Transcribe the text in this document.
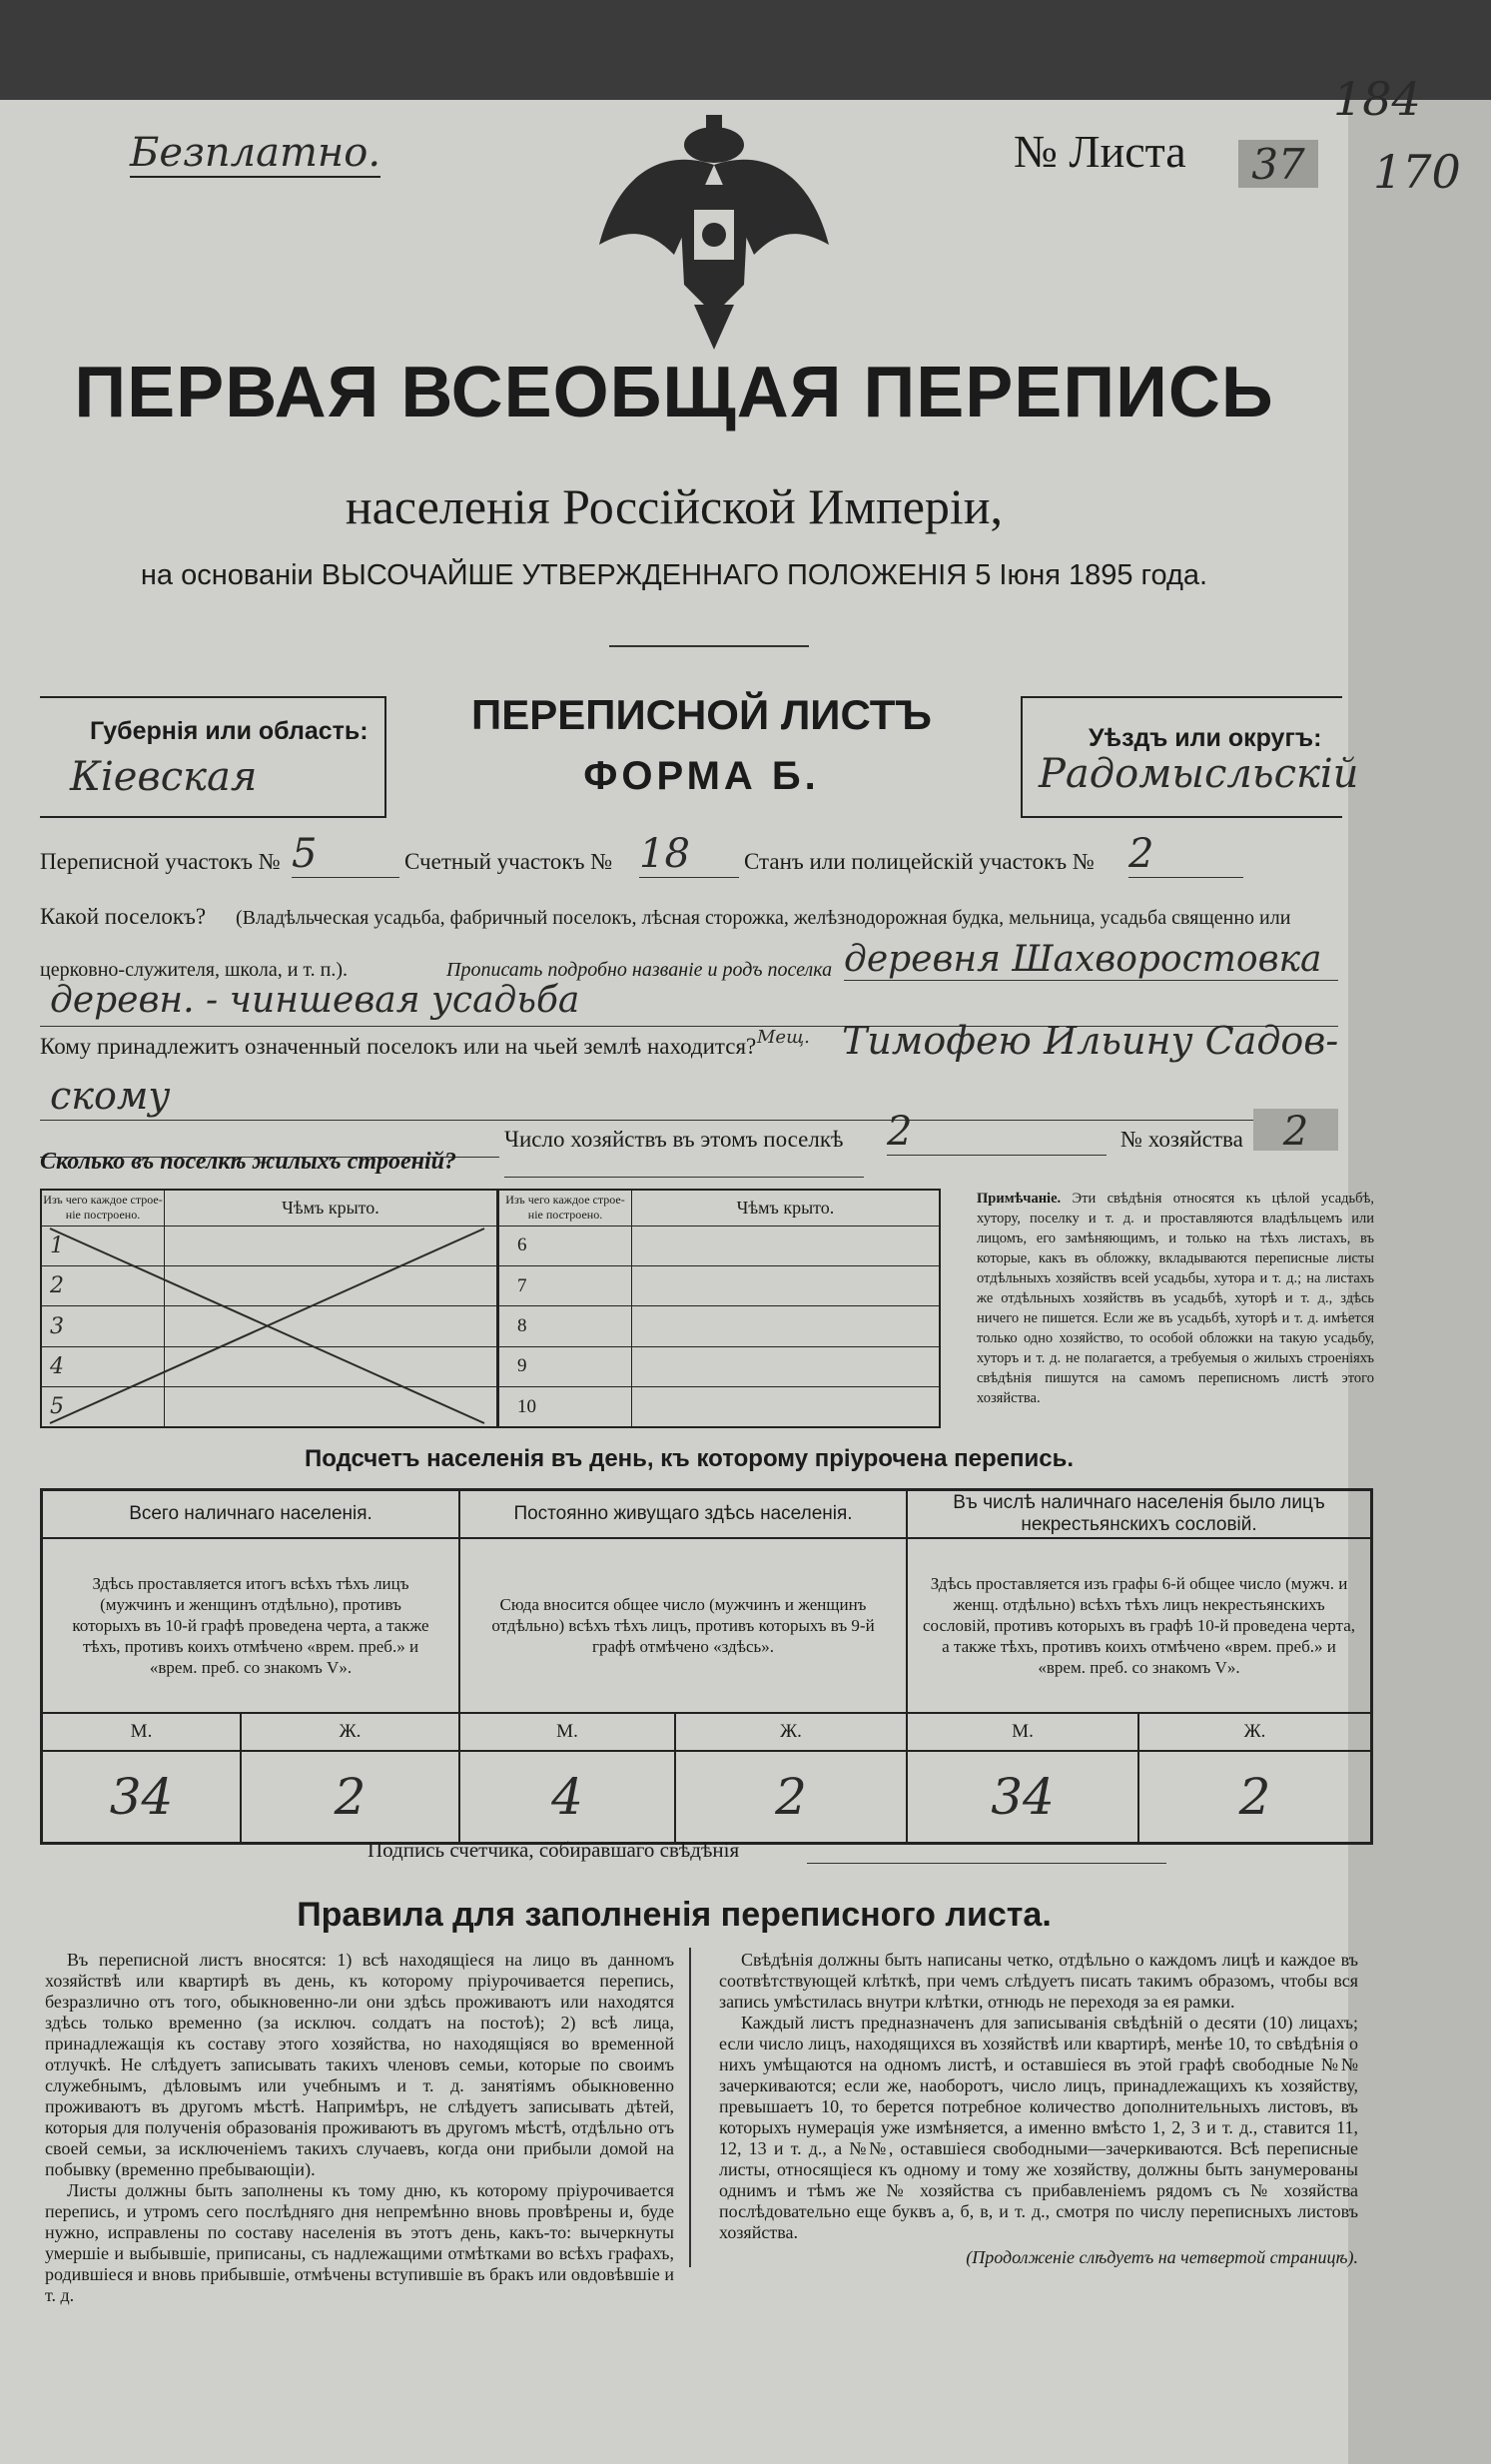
Безплатно.	№ Листа	37
184
170
ПЕРВАЯ ВСЕОБЩАЯ ПЕРЕПИСЬ
населенія Россійской Имперіи,
на основаніи ВЫСОЧАЙШЕ УТВЕРЖДЕННАГО ПОЛОЖЕНІЯ 5 Іюня 1895 года.
Губернія или область:
Кіевская
ПЕРЕПИСНОЙ ЛИСТЪ
ФОРМА Б.
Уѣздъ или округъ:
Радомысльскій
Переписной участокъ № 5	Счетный участокъ № 18	Станъ или полицейскій участокъ № 2
Какой поселокъ? (Владѣльческая усадьба, фабричный поселокъ, лѣсная сторожка, желѣзнодорожная будка, мельница, усадьба священно или
церковно-служителя, школа, и т. п.).	Прописать подробно названіе и родъ поселка деревня Шахворостовка
деревн. - чиншевая усадьба
Кому принадлежитъ означенный поселокъ или на чьей землѣ находится? Мещ. Тимофею Ильину Садов-
скому
Число хозяйствъ въ этомъ поселкѣ 2	№ хозяйства 2
Сколько въ поселкѣ жилыхъ строеній?
Изъ чего каждое строе- ніе построено.	Чѣмъ крыто.	Изъ чего каждое строе- ніе построено.	Чѣмъ крыто.
1		6	
2		7	
3		8	
4		9	
5		10	
Примѣчаніе. Эти свѣдѣнія относятся къ цѣлой усадьбѣ, хутору, поселку и т. д. и проставляются владѣльцемъ или лицомъ, его замѣняющимъ, и только на тѣхъ листахъ, въ которые, какъ въ обложку, вкладываются переписные листы отдѣльныхъ хозяйствъ всей усадьбы, хутора и т. д.; на листахъ же отдѣльныхъ хозяйствъ въ усадьбѣ, хуторѣ и т. д., здѣсь ничего не пишется. Если же въ усадьбѣ, хуторѣ и т. д. имѣется только одно хозяйство, то особой обложки на такую усадьбу, хуторъ и т. д. не полагается, а требуемыя о жилыхъ строеніяхъ свѣдѣнія пишутся на самомъ переписномъ листѣ этого хозяйства.
Подсчетъ населенія въ день, къ которому пріурочена перепись.
Всего наличнаго населенія.		Постоянно живущаго здѣсь населенія.		Въ числѣ наличнаго населенія было лицъ некрестьянскихъ сословій.	
Здѣсь проставляется итогъ всѣхъ тѣхъ лицъ (мужчинъ и женщинъ отдѣльно), противъ которыхъ въ 10-й графѣ проведена черта, а также тѣхъ, противъ коихъ отмѣчено «врем. преб.» и «врем. преб. со знакомъ V».		Сюда вносится общее число (мужчинъ и женщинъ отдѣльно) всѣхъ тѣхъ лицъ, противъ которыхъ въ 9-й графѣ отмѣчено «здѣсь».		Здѣсь проставляется изъ графы 6-й общее число (мужч. и женщ. отдѣльно) всѣхъ тѣхъ лицъ некрестьянскихъ сословій, противъ которыхъ въ графѣ 10-й проведена черта, а также тѣхъ, противъ коихъ отмѣчено «врем. преб.» и «врем. преб. со знакомъ V».	
М.	Ж.	М.	Ж.	М.	Ж.
34	2	4	2	34	2
Подпись счетчика, собиравшаго свѣдѣнія
Правила для заполненія переписного листа.

Въ переписной листъ вносятся: 1) всѣ находящіеся на лицо въ данномъ хозяйствѣ или квартирѣ въ день, къ которому пріурочивается перепись, безразлично отъ того, обыкновенно-ли они здѣсь проживаютъ или находятся здѣсь только временно (за исключ. солдатъ на постоѣ); 2) всѣ лица, принадлежащія къ составу этого хозяйства, но находящіяся во временной отлучкѣ. Не слѣдуетъ записывать такихъ членовъ семьи, которые по своимъ служебнымъ, дѣловымъ или учебнымъ и т. д. занятіямъ обыкновенно проживаютъ въ другомъ мѣстѣ. Напримѣръ, не слѣдуетъ записывать дѣтей, которыя для полученія образованія проживаютъ въ другомъ мѣстѣ, отдѣльно отъ своей семьи, за исключеніемъ такихъ случаевъ, когда они прибыли домой на побывку (временно пребывающіи).

Листы должны быть заполнены къ тому дню, къ которому пріурочивается перепись, и утромъ сего послѣдняго дня непремѣнно вновь провѣрены и, буде нужно, исправлены по составу населенія въ этотъ день, какъ-то: вычеркнуты умершіе и выбывшіе, приписаны, съ надлежащими отмѣтками во всѣхъ графахъ, родившіеся и вновь прибывшіе, отмѣчены вступившіе въ бракъ или овдовѣвшіе и т. д.

Свѣдѣнія должны быть написаны четко, отдѣльно о каждомъ лицѣ и каждое въ соотвѣтствующей клѣткѣ, при чемъ слѣдуетъ писать такимъ образомъ, чтобы вся запись умѣстилась внутри клѣтки, отнюдь не переходя за ея рамки.

Каждый листъ предназначенъ для записыванія свѣдѣній о десяти (10) лицахъ; если число лицъ, находящихся въ хозяйствѣ или квартирѣ, менѣе 10, то свѣдѣнія о нихъ умѣщаются на одномъ листѣ, и оставшіеся въ этой графѣ свободные №№ зачеркиваются; если же, наоборотъ, число лицъ, принадлежащихъ къ хозяйству, превышаетъ 10, то берется потребное количество дополнительныхъ листовъ, въ которыхъ нумерація уже измѣняется, а именно вмѣсто 1, 2, 3 и т. д., ставится 11, 12, 13 и т. д., а №№, оставшіеся свободными—зачеркиваются. Всѣ переписные листы, относящіеся къ одному и тому же хозяйству, должны быть занумерованы однимъ и тѣмъ же № хозяйства съ прибавленіемъ рядомъ съ № хозяйства послѣдовательно еще буквъ а, б, в, и т. д., смотря по числу переписныхъ листовъ хозяйства.

(Продолженіе слѣдуетъ на четвертой страницѣ).
